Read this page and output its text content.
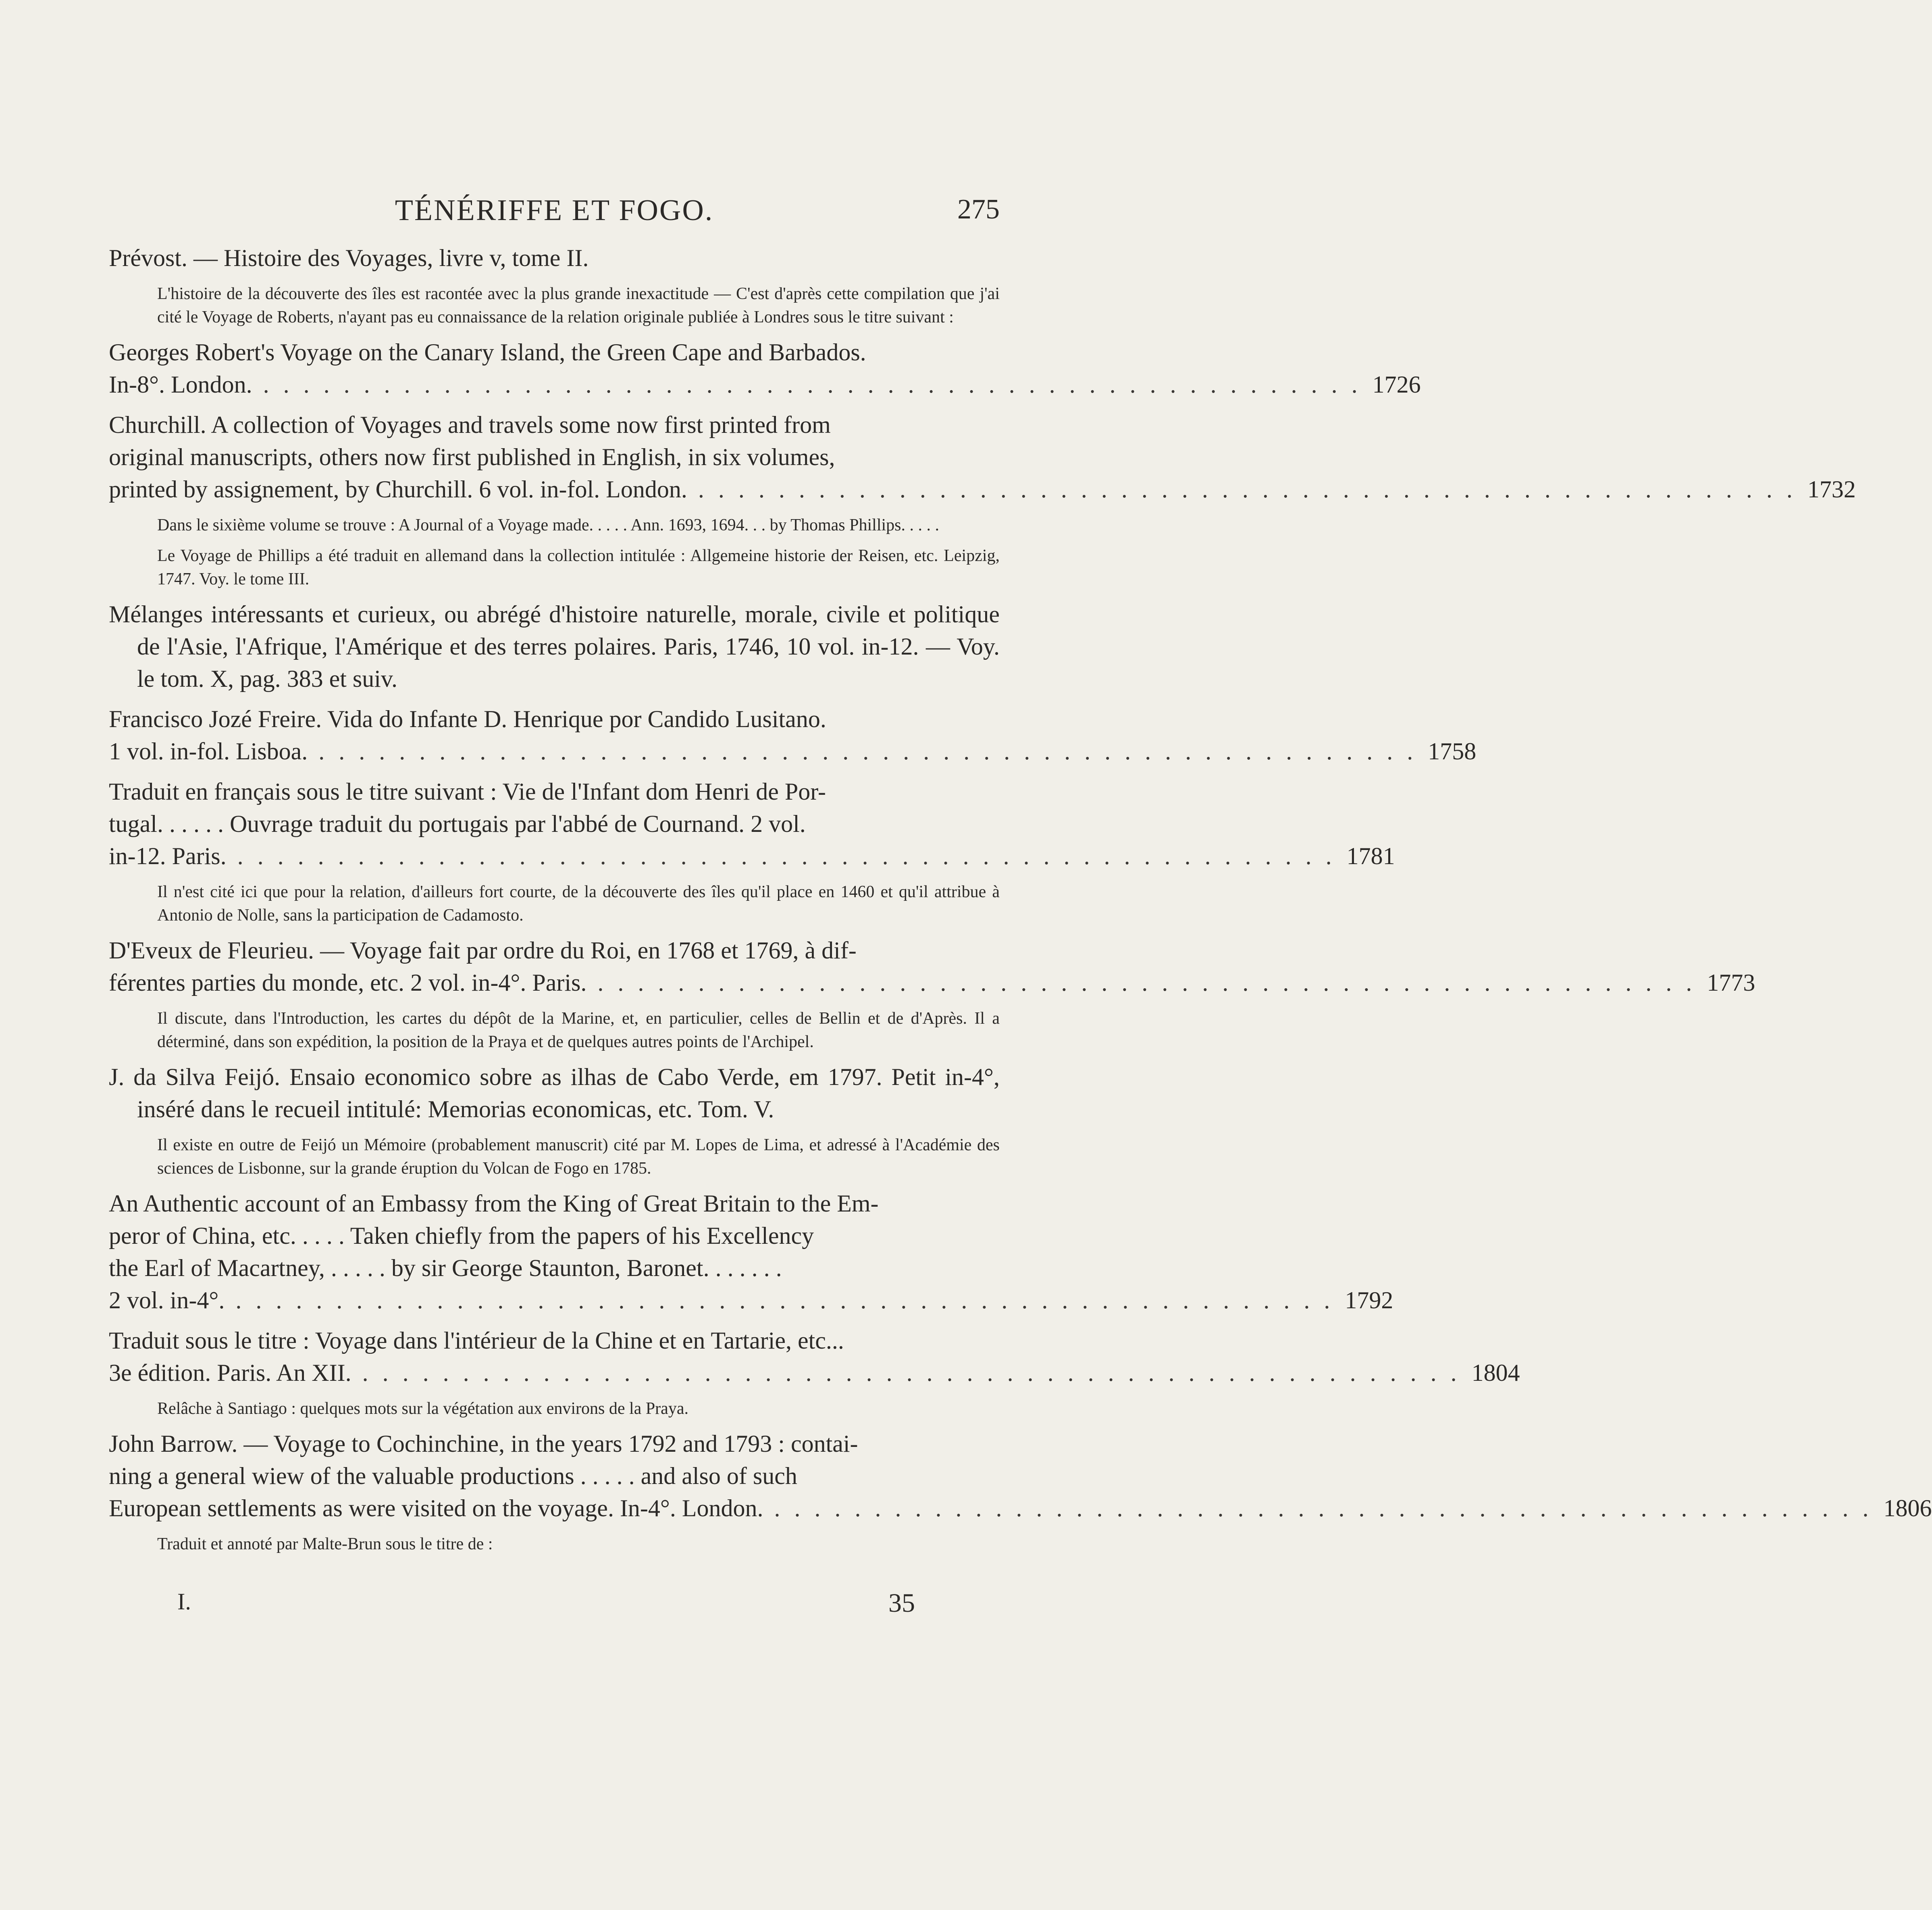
TÉNÉRIFFE ET FOGO.	275
Prévost. — Histoire des Voyages, livre v, tome II.
L'histoire de la découverte des îles est racontée avec la plus grande inexactitude — C'est d'après cette compilation que j'ai cité le Voyage de Roberts, n'ayant pas eu connaissance de la relation originale publiée à Londres sous le titre suivant :
Georges Robert's Voyage on the Canary Island, the Green Cape and Barbados.
In-8°. London. . . . . . . . . . . . . . . . . . . . . . . . . . . . . . . . . . . . . . . . . . . . . . . . . . . . . . . . 1726
Churchill. A collection of Voyages and travels some now first printed from
original manuscripts, others now first published in English, in six volumes,
printed by assignement, by Churchill. 6 vol. in-fol. London. . . . . . . . . . . . . . . . . . . . . . . . . . . . . . . . . . . . . . . . . . . . . . . . . . . . . . . . 1732
Dans le sixième volume se trouve : A Journal of a Voyage made. . . . . Ann. 1693, 1694. . . by Thomas Phillips. . . . .
Le Voyage de Phillips a été traduit en allemand dans la collection intitulée : Allgemeine historie der Reisen, etc. Leipzig, 1747. Voy. le tome III.
Mélanges intéressants et curieux, ou abrégé d'histoire naturelle, morale, civile et politique de l'Asie, l'Afrique, l'Amérique et des terres polaires. Paris, 1746, 10 vol. in-12. — Voy. le tom. X, pag. 383 et suiv.
Francisco Jozé Freire. Vida do Infante D. Henrique por Candido Lusitano.
1 vol. in-fol. Lisboa. . . . . . . . . . . . . . . . . . . . . . . . . . . . . . . . . . . . . . . . . . . . . . . . . . . . . . . . 1758
Traduit en français sous le titre suivant : Vie de l'Infant dom Henri de Por-
tugal. . . . . . Ouvrage traduit du portugais par l'abbé de Cournand. 2 vol.
in-12. Paris. . . . . . . . . . . . . . . . . . . . . . . . . . . . . . . . . . . . . . . . . . . . . . . . . . . . . . . . 1781
Il n'est cité ici que pour la relation, d'ailleurs fort courte, de la découverte des îles qu'il place en 1460 et qu'il attribue à Antonio de Nolle, sans la participation de Cadamosto.
D'Eveux de Fleurieu. — Voyage fait par ordre du Roi, en 1768 et 1769, à dif-
férentes parties du monde, etc. 2 vol. in-4°. Paris. . . . . . . . . . . . . . . . . . . . . . . . . . . . . . . . . . . . . . . . . . . . . . . . . . . . . . . . 1773
Il discute, dans l'Introduction, les cartes du dépôt de la Marine, et, en particulier, celles de Bellin et de d'Après. Il a déterminé, dans son expédition, la position de la Praya et de quelques autres points de l'Archipel.
J. da Silva Feijó. Ensaio economico sobre as ilhas de Cabo Verde, em 1797. Petit in-4°, inséré dans le recueil intitulé: Memorias economicas, etc. Tom. V.
Il existe en outre de Feijó un Mémoire (probablement manuscrit) cité par M. Lopes de Lima, et adressé à l'Académie des sciences de Lisbonne, sur la grande éruption du Volcan de Fogo en 1785.
An Authentic account of an Embassy from the King of Great Britain to the Em-
peror of China, etc. . . . . Taken chiefly from the papers of his Excellency
the Earl of Macartney, . . . . . by sir George Staunton, Baronet. . . . . . .
2 vol. in-4°. . . . . . . . . . . . . . . . . . . . . . . . . . . . . . . . . . . . . . . . . . . . . . . . . . . . . . . . 1792
Traduit sous le titre : Voyage dans l'intérieur de la Chine et en Tartarie, etc...
3e édition. Paris. An XII. . . . . . . . . . . . . . . . . . . . . . . . . . . . . . . . . . . . . . . . . . . . . . . . . . . . . . . . 1804
Relâche à Santiago : quelques mots sur la végétation aux environs de la Praya.
John Barrow. — Voyage to Cochinchine, in the years 1792 and 1793 : contai-
ning a general wiew of the valuable productions . . . . . and also of such
European settlements as were visited on the voyage. In-4°. London. . . . . . . . . . . . . . . . . . . . . . . . . . . . . . . . . . . . . . . . . . . . . . . . . . . . . . . . 1806
Traduit et annoté par Malte-Brun sous le titre de :
I.	35
